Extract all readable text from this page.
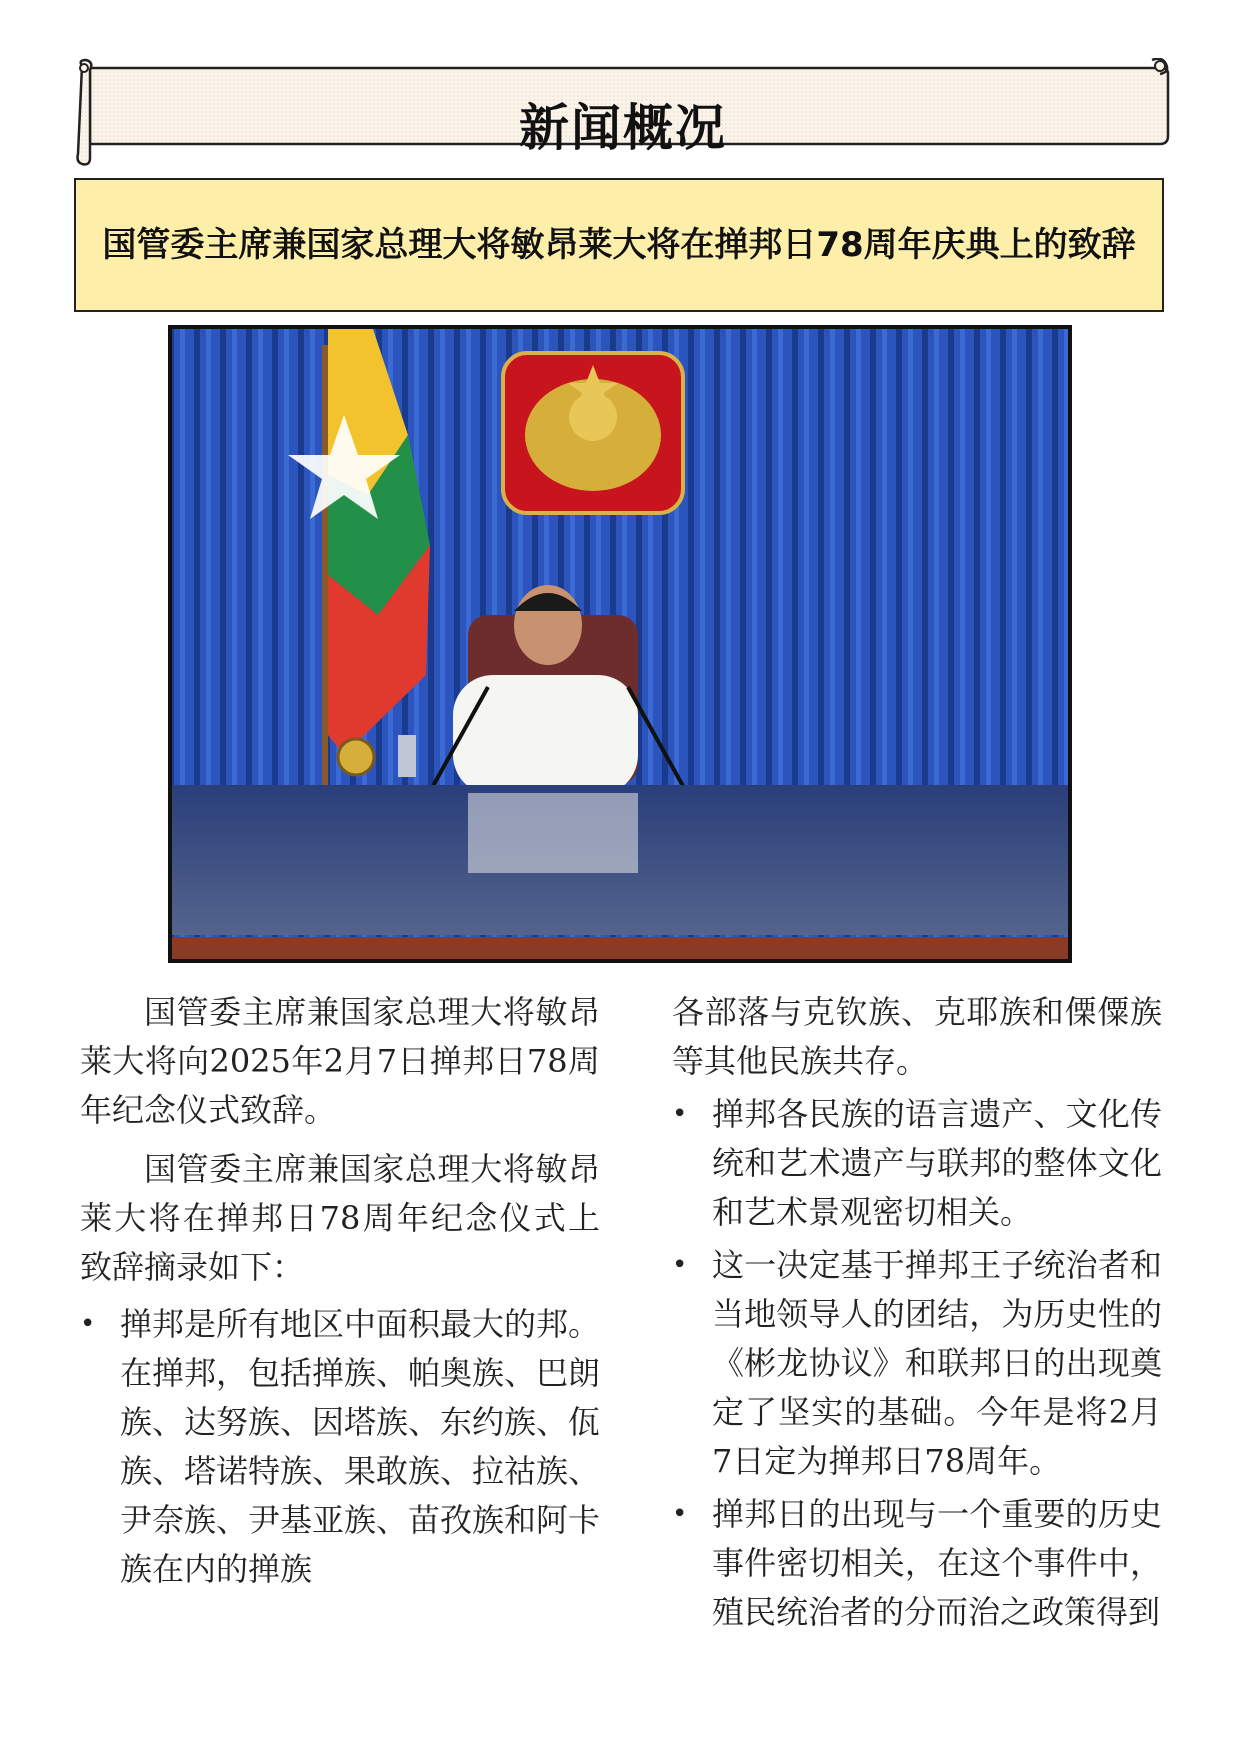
新闻概况
国管委主席兼国家总理大将敏昂莱大将在掸邦日78周年庆典上的致辞

国管委主席兼国家总理大将敏昂莱大将向2025年2月7日掸邦日78周年纪念仪式致辞。

国管委主席兼国家总理大将敏昂莱大将在掸邦日78周年纪念仪式上致辞摘录如下：

• 掸邦是所有地区中面积最大的邦。在掸邦，包括掸族、帕奥族、巴朗族、达努族、因塔族、东约族、佤族、塔诺特族、果敢族、拉祜族、尹奈族、尹基亚族、苗孜族和阿卡族在内的掸族

各部落与克钦族、克耶族和傈僳族等其他民族共存。

• 掸邦各民族的语言遗产、文化传统和艺术遗产与联邦的整体文化和艺术景观密切相关。
• 这一决定基于掸邦王子统治者和当地领导人的团结，为历史性的《彬龙协议》和联邦日的出现奠定了坚实的基础。今年是将2月7日定为掸邦日78周年。
• 掸邦日的出现与一个重要的历史事件密切相关，在这个事件中，殖民统治者的分而治之政策得到
